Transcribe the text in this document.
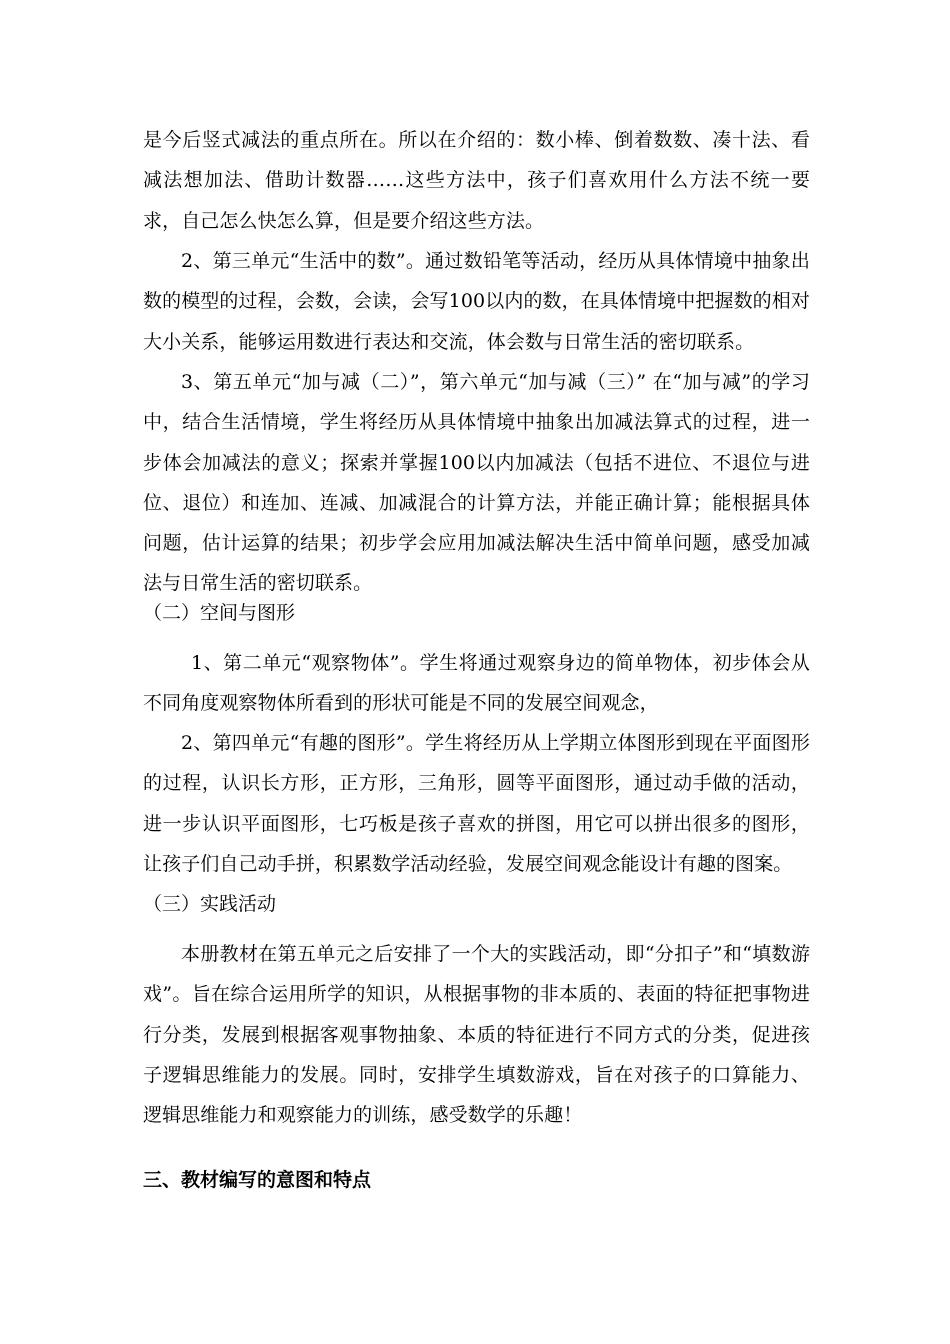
是今后竖式减法的重点所在。所以在介绍的：数小棒、倒着数数、凑十法、看减法想加法、借助计数器……这些方法中，孩子们喜欢用什么方法不统一要求，自己怎么快怎么算，但是要介绍这些方法。

2、第三单元“生活中的数”。通过数铅笔等活动，经历从具体情境中抽象出数的模型的过程，会数，会读，会写100以内的数，在具体情境中把握数的相对大小关系，能够运用数进行表达和交流，体会数与日常生活的密切联系。

3、第五单元“加与减（二）”，第六单元“加与减（三）” 在“加与减”的学习中，结合生活情境，学生将经历从具体情境中抽象出加减法算式的过程，进一步体会加减法的意义；探索并掌握100以内加减法（包括不进位、不退位与进位、退位）和连加、连减、加减混合的计算方法，并能正确计算；能根据具体问题，估计运算的结果；初步学会应用加减法解决生活中简单问题，感受加减法与日常生活的密切联系。

（二）空间与图形

1、第二单元“观察物体”。学生将通过观察身边的简单物体，初步体会从不同角度观察物体所看到的形状可能是不同的发展空间观念，

2、第四单元“有趣的图形”。学生将经历从上学期立体图形到现在平面图形的过程，认识长方形，正方形，三角形，圆等平面图形，通过动手做的活动，进一步认识平面图形，七巧板是孩子喜欢的拼图，用它可以拼出很多的图形，让孩子们自己动手拼，积累数学活动经验，发展空间观念能设计有趣的图案。

（三）实践活动

本册教材在第五单元之后安排了一个大的实践活动，即“分扣子”和“填数游戏”。旨在综合运用所学的知识，从根据事物的非本质的、表面的特征把事物进行分类，发展到根据客观事物抽象、本质的特征进行不同方式的分类，促进孩子逻辑思维能力的发展。同时，安排学生填数游戏，旨在对孩子的口算能力、逻辑思维能力和观察能力的训练，感受数学的乐趣！

三、教材编写的意图和特点
